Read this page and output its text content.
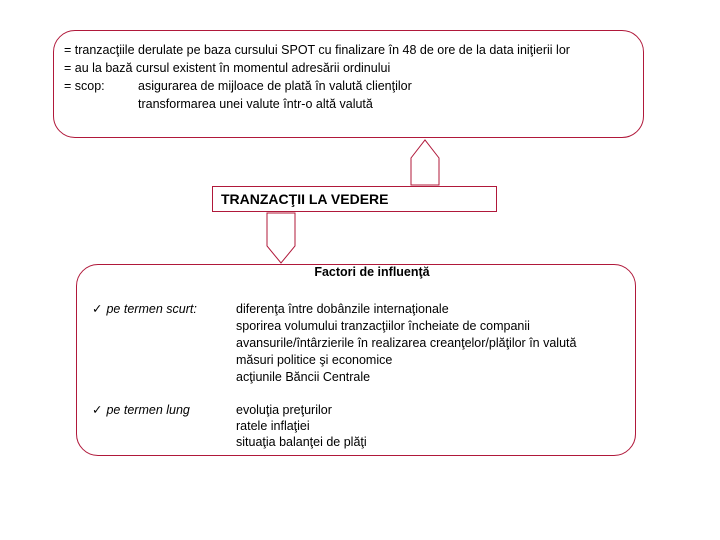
= tranzacţiile derulate pe baza cursului SPOT cu finalizare în 48 de ore de la data iniţierii lor
= au la bază cursul existent în momentul adresării ordinului
= scop:	asigurarea de mijloace de plată în valută clienţilor
transformarea unei valute într-o altă valută
TRANZACŢII LA VEDERE
Factori de influenţă
✓ pe termen scurt:	diferenţa între dobânzile internaţionale
sporirea volumului tranzacţiilor încheiate de companii
avansurile/întârzierile în realizarea creanţelor/plăţilor în valută
măsuri politice şi economice
acţiunile Băncii Centrale
✓ pe termen lung	evoluţia preţurilor
ratele inflaţiei
situaţia balanţei de plăţi
